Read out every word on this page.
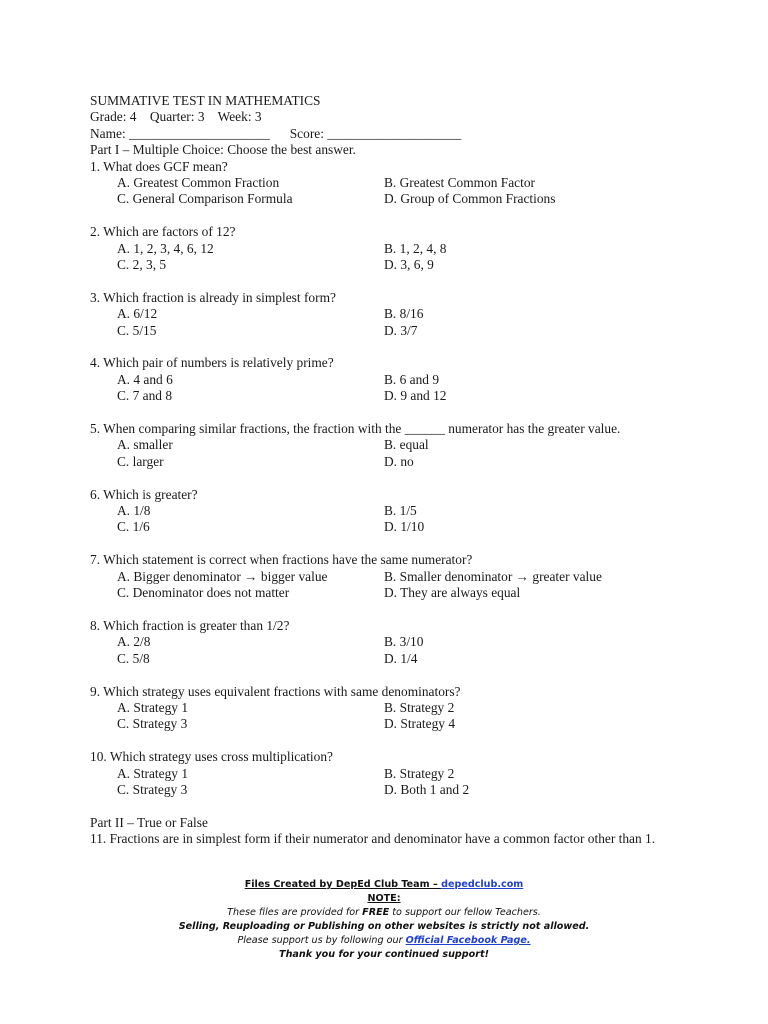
SUMMATIVE TEST IN MATHEMATICS
Grade: 4    Quarter: 3    Week: 3
Name: _____________________      Score: ____________________
Part I – Multiple Choice: Choose the best answer.
1. What does GCF mean?
A. Greatest Common Fraction	B. Greatest Common Factor
C. General Comparison Formula	D. Group of Common Fractions
2. Which are factors of 12?
A. 1, 2, 3, 4, 6, 12	B. 1, 2, 4, 8
C. 2, 3, 5	D. 3, 6, 9
3. Which fraction is already in simplest form?
A. 6/12	B. 8/16
C. 5/15	D. 3/7
4. Which pair of numbers is relatively prime?
A. 4 and 6	B. 6 and 9
C. 7 and 8	D. 9 and 12
5. When comparing similar fractions, the fraction with the ______ numerator has the greater value.
A. smaller	B. equal
C. larger	D. no
6. Which is greater?
A. 1/8	B. 1/5
C. 1/6	D. 1/10
7. Which statement is correct when fractions have the same numerator?
A. Bigger denominator → bigger value	B. Smaller denominator → greater value
C. Denominator does not matter	D. They are always equal
8. Which fraction is greater than 1/2?
A. 2/8	B. 3/10
C. 5/8	D. 1/4
9. Which strategy uses equivalent fractions with same denominators?
A. Strategy 1	B. Strategy 2
C. Strategy 3	D. Strategy 4
10. Which strategy uses cross multiplication?
A. Strategy 1	B. Strategy 2
C. Strategy 3	D. Both 1 and 2
Part II – True or False
11. Fractions are in simplest form if their numerator and denominator have a common factor other than 1.
Files Created by DepEd Club Team – depedclub.com
NOTE:
These files are provided for FREE to support our fellow Teachers.
Selling, Reuploading or Publishing on other websites is strictly not allowed.
Please support us by following our Official Facebook Page.
Thank you for your continued support!
